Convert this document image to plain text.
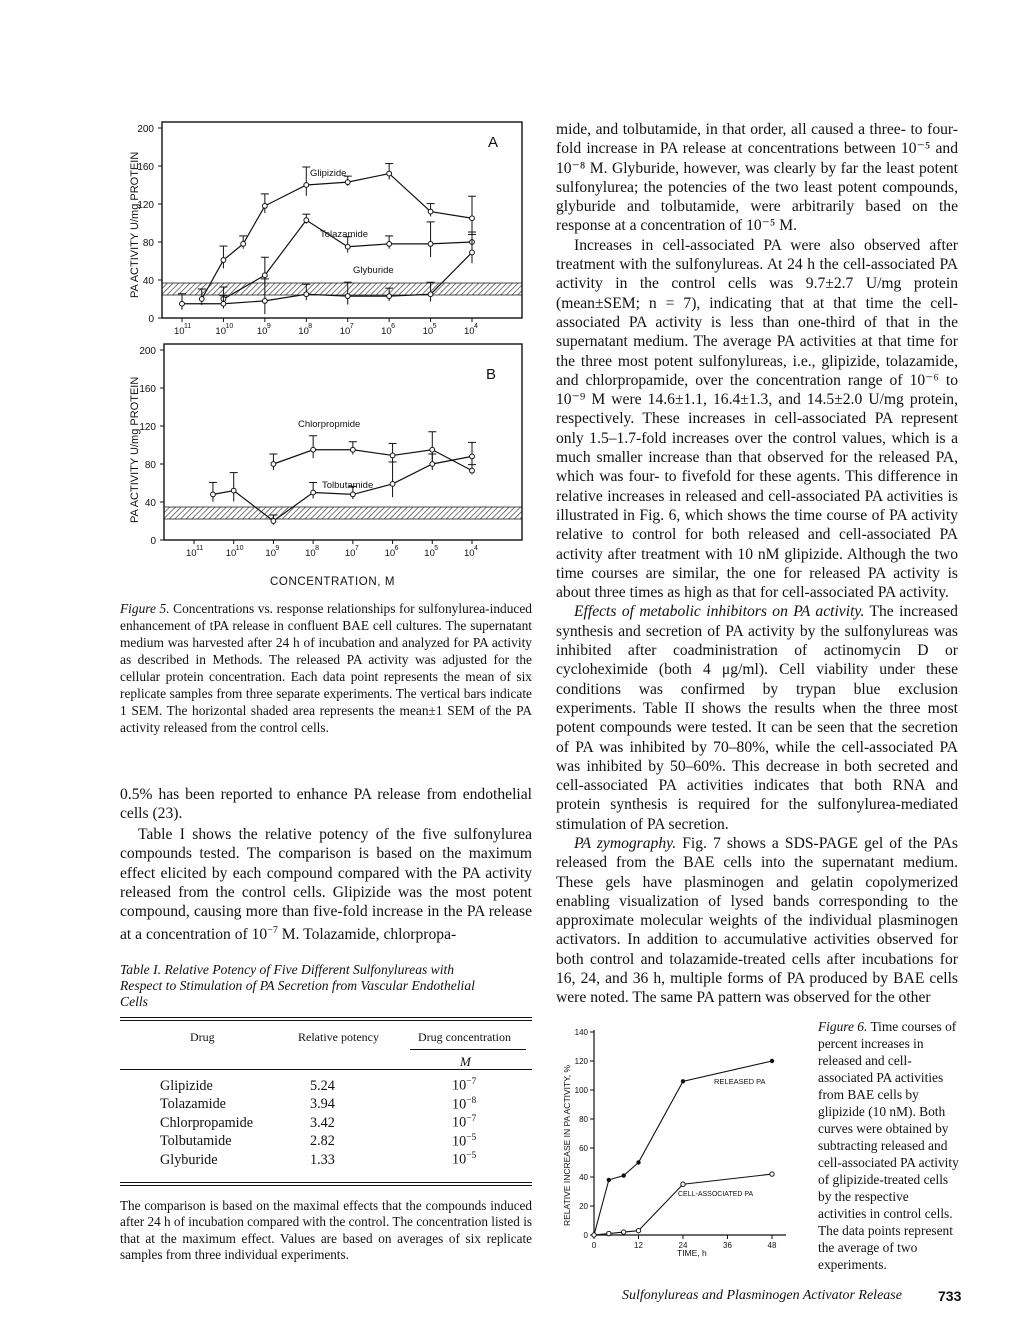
PA ACTIVITY U/mg PROTEIN
A
200
160
120
80
40
0
10 11	10 10 10 9	10 8	10 7	10 6	10 5	10 4
Glipizide
Tolazamide
Glyburide
PA ACTIVITY U/mg PROTEIN
B
200
160
120
80
40
0
10 11 10 10 10 9	10 8	10 7	10 6	10 5	10 4
Chlorpropmide
Tolbutamide
CONCENTRATION, M
Figure 5. Concentrations vs. response relationships for sulfonylurea-induced enhancement of tPA release in confluent BAE cell cultures. The supernatant medium was harvested after 24 h of incubation and analyzed for PA activity as described in Methods. The released PA activity was adjusted for the cellular protein concentration. Each data point represents the mean of six replicate samples from three separate experiments. The vertical bars indicate 1 SEM. The horizontal shaded area represents the mean±1 SEM of the PA activity released from the control cells.

0.5% has been reported to enhance PA release from endothelial cells (23).

Table I shows the relative potency of the five sulfonylurea compounds tested. The comparison is based on the maximum effect elicited by each compound compared with the PA activity released from the control cells. Glipizide was the most potent compound, causing more than five-fold increase in the PA release at a concentration of $10^{-7}$ M. Tolazamide, chlorpropa-

Table I. Relative Potency of Five Different Sulfonylureas with Respect to Stimulation of PA Secretion from Vascular Endothelial Cells
Drug	Relative potency	Drug concentration
M
Glipizide	5.24	$10^{-7}$
Tolazamide	3.94	$10^{-8}$
Chlorpropamide	3.42	$10^{-7}$
Tolbutamide	2.82	$10^{-5}$
Glyburide	1.33	$10^{-5}$
The comparison is based on the maximal effects that the compounds induced after 24 h of incubation compared with the control. The concentration listed is that at the maximum effect. Values are based on averages of six replicate samples from three individual experiments.

mide, and tolbutamide, in that order, all caused a three- to four-fold increase in PA release at concentrations between 10⁻⁵ and 10⁻⁸ M. Glyburide, however, was clearly by far the least potent sulfonylurea; the potencies of the two least potent compounds, glyburide and tolbutamide, were arbitrarily based on the response at a concentration of 10⁻⁵ M.

Increases in cell-associated PA were also observed after treatment with the sulfonylureas. At 24 h the cell-associated PA activity in the control cells was 9.7±2.7 U/mg protein (mean±SEM; n = 7), indicating that at that time the cell-associated PA activity is less than one-third of that in the supernatant medium. The average PA activities at that time for the three most potent sulfonylureas, i.e., glipizide, tolazamide, and chlorpropamide, over the concentration range of 10⁻⁶ to 10⁻⁹ M were 14.6±1.1, 16.4±1.3, and 14.5±2.0 U/mg protein, respectively. These increases in cell-associated PA represent only 1.5–1.7-fold increases over the control values, which is a much smaller increase than that observed for the released PA, which was four- to fivefold for these agents. This difference in relative increases in released and cell-associated PA activities is illustrated in Fig. 6, which shows the time course of PA activity relative to control for both released and cell-associated PA activity after treatment with 10 nM glipizide. Although the two time courses are similar, the one for released PA activity is about three times as high as that for cell-associated PA activity.

Effects of metabolic inhibitors on PA activity. The increased synthesis and secretion of PA activity by the sulfonylureas was inhibited after coadministration of actinomycin D or cycloheximide (both 4 μg/ml). Cell viability under these conditions was confirmed by trypan blue exclusion experiments. Table II shows the results when the three most potent compounds were tested. It can be seen that the secretion of PA was inhibited by 70–80%, while the cell-associated PA was inhibited by 50–60%. This decrease in both secreted and cell-associated PA activities indicates that both RNA and protein synthesis is required for the sulfonylurea-mediated stimulation of PA secretion.

PA zymography. Fig. 7 shows a SDS-PAGE gel of the PAs released from the BAE cells into the supernatant medium. These gels have plasminogen and gelatin copolymerized enabling visualization of lysed bands corresponding to the approximate molecular weights of the individual plasminogen activators. In addition to accumulative activities observed for both control and tolazamide-treated cells after incubations for 16, 24, and 36 h, multiple forms of PA produced by BAE cells were noted. The same PA pattern was observed for the other

RELATIVE INCREASE IN PA ACTIVITY, %
140
120
100
80
60
40
20
0
0	12	24	36	48
RELEASED PA
CELL-ASSOCIATED PA
TIME, h
Figure 6. Time courses of percent increases in released and cell-associated PA activities from BAE cells by glipizide (10 nM). Both curves were obtained by subtracting released and cell-associated PA activity of glipizide-treated cells by the respective activities in control cells. The data points represent the average of two experiments.
Sulfonylureas and Plasminogen Activator Release	733
